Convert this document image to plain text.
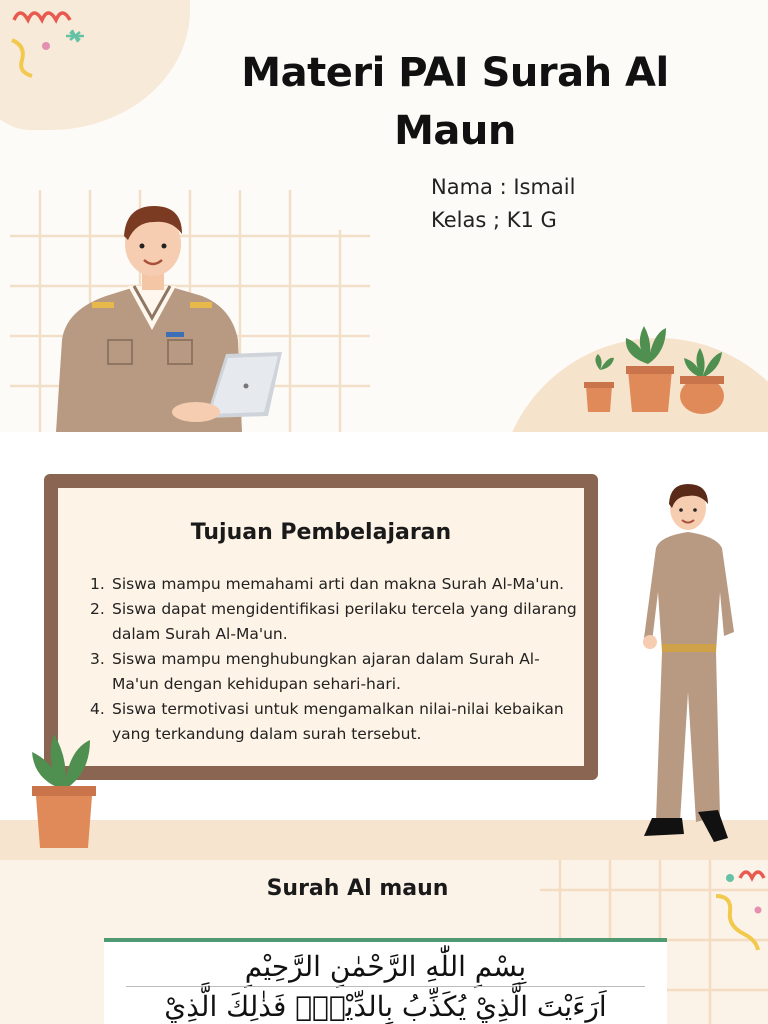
Materi PAI Surah Al Maun
Nama : Ismail
Kelas ; K1 G
Tujuan Pembelajaran
1. Siswa mampu memahami arti dan makna Surah Al-Ma'un.
2. Siswa dapat mengidentifikasi perilaku tercela yang dilarang dalam Surah Al-Ma'un.
3. Siswa mampu menghubungkan ajaran dalam Surah Al-Ma'un dengan kehidupan sehari-hari.
4. Siswa termotivasi untuk mengamalkan nilai-nilai kebaikan yang terkandung dalam surah tersebut.
Surah Al maun
بِسْمِ اللّٰهِ الرَّحْمٰنِ الرَّحِيْمِ
اَرَءَيْتَ الَّذِيْ يُكَذِّبُ بِالدِّيْنِۗ فَذٰلِكَ الَّذِيْ
